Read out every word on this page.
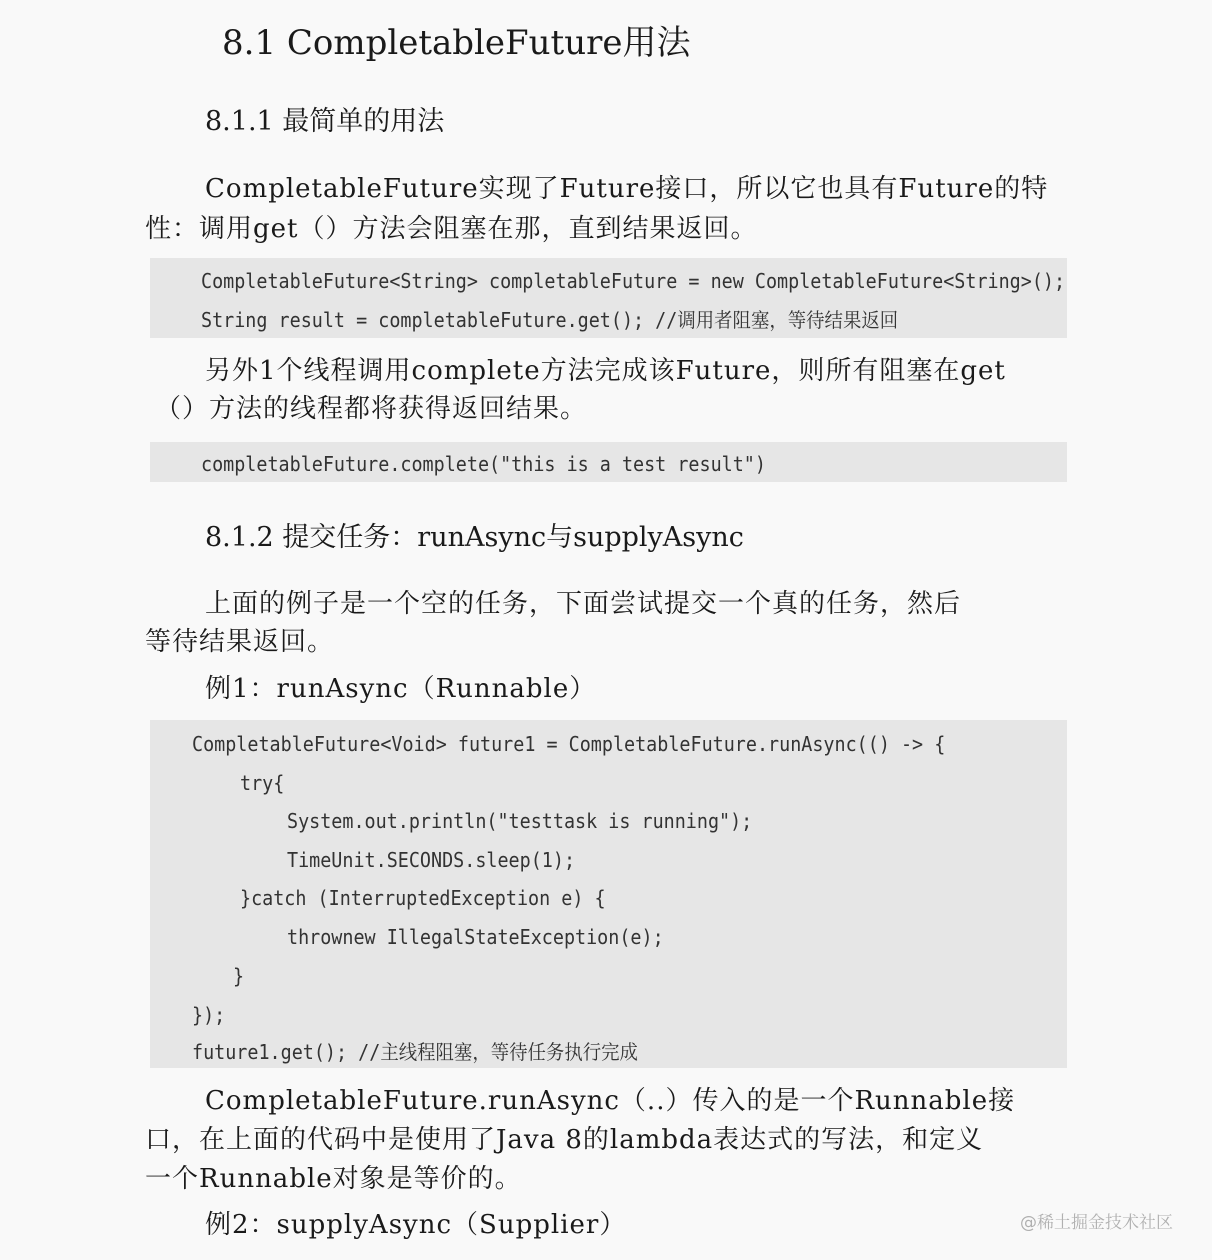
8.1 CompletableFuture用法
8.1.1 最简单的用法
CompletableFuture实现了Future接口，所以它也具有Future的特
性：调用get（）方法会阻塞在那，直到结果返回。
CompletableFuture<String> completableFuture = new CompletableFuture<String>();
String result = completableFuture.get(); //调用者阻塞，等待结果返回
另外1个线程调用complete方法完成该Future，则所有阻塞在get
（）方法的线程都将获得返回结果。
completableFuture.complete("this is a test result")
8.1.2 提交任务：runAsync与supplyAsync
上面的例子是一个空的任务，下面尝试提交一个真的任务，然后
等待结果返回。
例1：runAsync（Runnable）
CompletableFuture<Void> future1 = CompletableFuture.runAsync(() -> {
try{
System.out.println("testtask is running");
TimeUnit.SECONDS.sleep(1);
}catch (InterruptedException e) {
thrownew IllegalStateException(e);
}
});
future1.get(); //主线程阻塞，等待任务执行完成
CompletableFuture.runAsync（..）传入的是一个Runnable接
口，在上面的代码中是使用了Java 8的lambda表达式的写法，和定义
一个Runnable对象是等价的。
例2：supplyAsync（Supplier）	@稀土掘金技术社区
